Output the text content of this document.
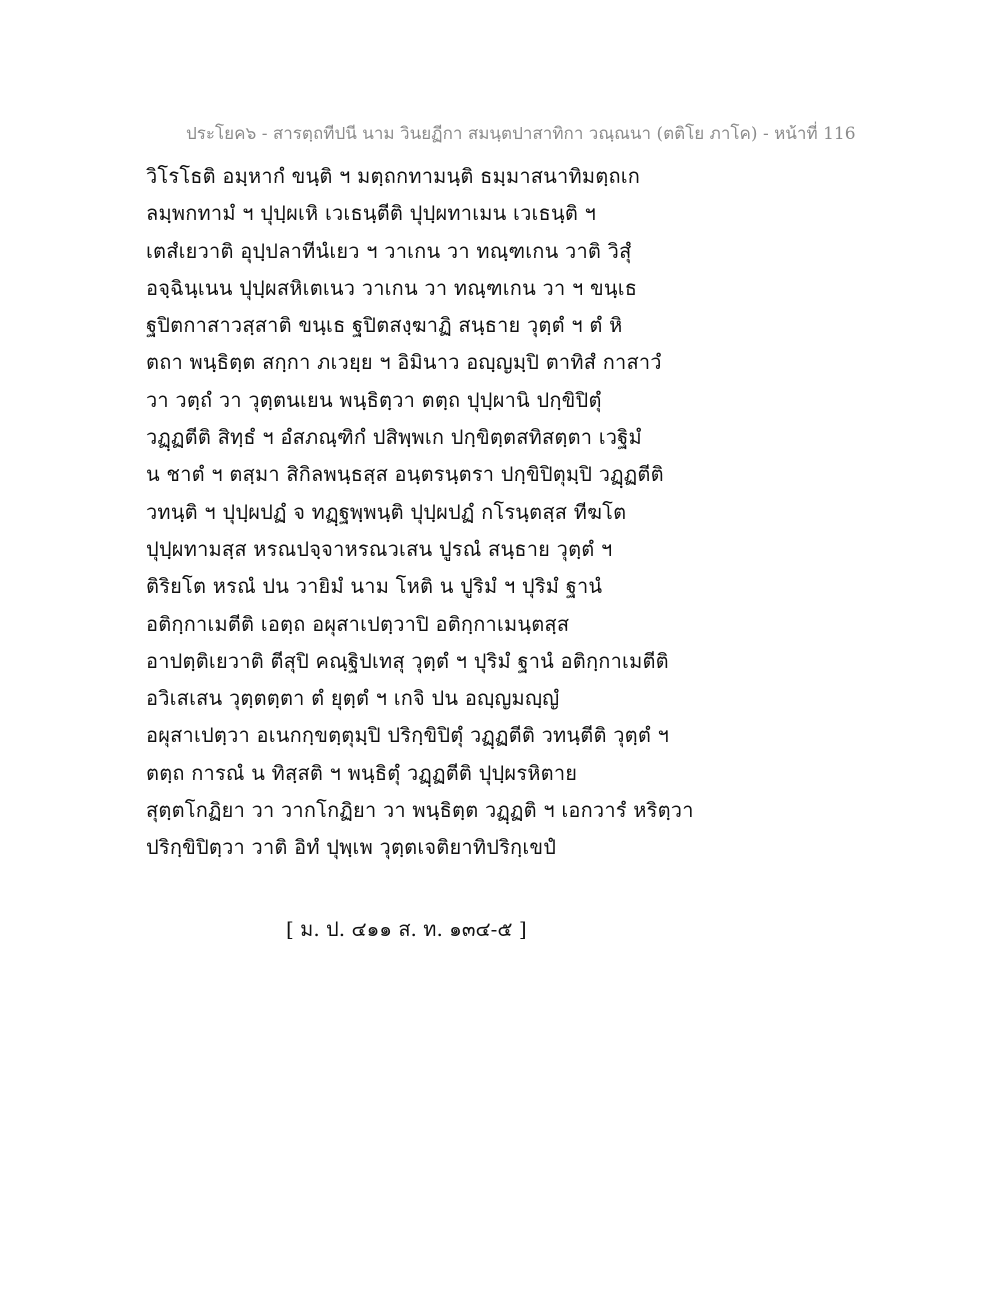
ประโยค๖ - สารตฺถทีปนี นาม วินยฏีกา สมนฺตปาสาทิกา วณฺณนา (ตติโย ภาโค) - หน้าที่ 116
วิโรโธติ อมฺหากํ ขนฺติ ฯ มตฺถกทามนฺติ ธมฺมาสนาทิมตฺถเก
ลมฺพกทามํ ฯ ปุปฺผเหิ เวเธนฺตีติ ปุปฺผทาเมน เวเธนฺติ ฯ
เตสํเยวาติ อุปฺปลาทีนํเยว ฯ วาเกน วา ทณฺฑเกน วาติ วิสุํ
อจฺฉินฺเนน ปุปฺผสหิเตเนว วาเกน วา ทณฺฑเกน วา ฯ ขนฺเธ
ฐปิตกาสาวสฺสาติ ขนฺเธ ฐปิตสงฺฆาฏิ สนฺธาย วุตฺตํ ฯ ตํ หิ
ตถา พนฺธิตฺต สกฺกา ภเวยฺย ฯ อิมินาว อญฺญมฺปิ ตาทิสํ กาสาวํ
วา วตฺถํ วา วุตฺตนเยน พนฺธิตฺวา ตตฺถ ปุปฺผานิ ปกฺขิปิตุํ
วฏฺฏตีติ สิทฺธํ ฯ อํสภณฺฑิกํ ปสิพฺพเก ปกฺขิตฺตสทิสตฺตา เวฐิมํ
น ชาตํ ฯ ตสฺมา สิกิลพนฺธสฺส อนฺตรนฺตรา ปกฺขิปิตุมฺปิ วฏฺฏตีติ
วทนฺติ ฯ ปุปฺผปฏํ จ ทฏฺฐพฺพนฺติ ปุปฺผปฏํ กโรนฺตสฺส ทีฆโต
ปุปฺผทามสฺส หรณปจฺจาหรณวเสน ปูรณํ สนฺธาย วุตฺตํ ฯ
ติริยโต หรณํ ปน วายิมํ นาม โหติ น ปูริมํ ฯ ปุริมํ ฐานํ
อติกฺกาเมตีติ เอตฺถ อผุสาเปตฺวาปิ อติกฺกาเมนฺตสฺส
อาปตฺติเยวาติ ตีสุปิ คณฺฐิปเทสุ วุตฺตํ ฯ ปุริมํ ฐานํ อติกฺกาเมตีติ
อวิเสเสน วุตฺตตฺตา ตํ ยุตฺตํ ฯ เกจิ ปน อญฺญมญฺญํ
อผุสาเปตฺวา อเนกกฺขตฺตุมฺปิ ปริกฺขิปิตุํ วฏฺฏตีติ วทนฺตีติ วุตฺตํ ฯ
ตตฺถ การณํ น ทิสฺสติ ฯ พนฺธิตุํ วฏฺฏตีติ ปุปฺผรหิตาย
สุตฺตโกฏิยา วา วากโกฏิยา วา พนฺธิตฺต วฏฺฏติ ฯ เอกวารํ หริตฺวา
ปริกฺขิปิตฺวา วาติ อิทํ ปุพฺเพ วุตฺตเจติยาทิปริกฺเขปํ
[ ม. ป. ๔๑๑ ส. ท. ๑๓๔-๕ ]
